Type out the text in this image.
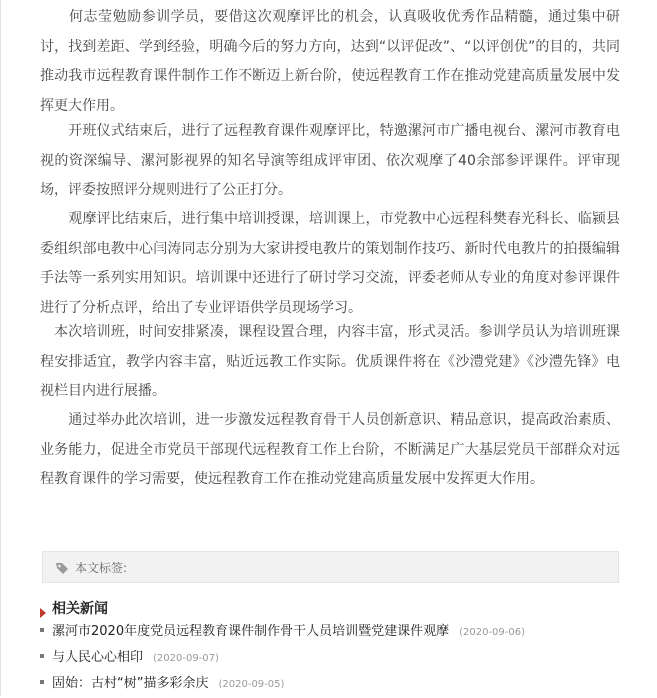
　　何志莹勉励参训学员，要借这次观摩评比的机会，认真吸收优秀作品精髓，通过集中研讨，找到差距、学到经验，明确今后的努力方向，达到“以评促改”、“以评创优”的目的，共同推动我市远程教育课件制作工作不断迈上新台阶，使远程教育工作在推动党建高质量发展中发挥更大作用。

　　开班仪式结束后，进行了远程教育课件观摩评比，特邀漯河市广播电视台、漯河市教育电视的资深编导、漯河影视界的知名导演等组成评审团、依次观摩了40余部参评课件。评审现场，评委按照评分规则进行了公正打分。

　　观摩评比结束后，进行集中培训授课，培训课上，市党教中心远程科樊春光科长、临颍县委组织部电教中心闫涛同志分别为大家讲授电教片的策划制作技巧、新时代电教片的拍摄编辑手法等一系列实用知识。培训课中还进行了研讨学习交流，评委老师从专业的角度对参评课件进行了分析点评，给出了专业评语供学员现场学习。

　本次培训班，时间安排紧凑，课程设置合理，内容丰富，形式灵活。参训学员认为培训班课程安排适宜，教学内容丰富，贴近远教工作实际。优质课件将在《沙澧党建》《沙澧先锋》电视栏目内进行展播。

　　通过举办此次培训，进一步激发远程教育骨干人员创新意识、精品意识，提高政治素质、业务能力，促进全市党员干部现代远程教育工作上台阶，不断满足广大基层党员干部群众对远程教育课件的学习需要，使远程教育工作在推动党建高质量发展中发挥更大作用。

本文标签:
相关新闻
漯河市2020年度党员远程教育课件制作骨干人员培训暨党建课件观摩 (2020-09-06)
与人民心心相印 (2020-09-07)
固始：古村“树”描多彩余庆 (2020-09-05)
